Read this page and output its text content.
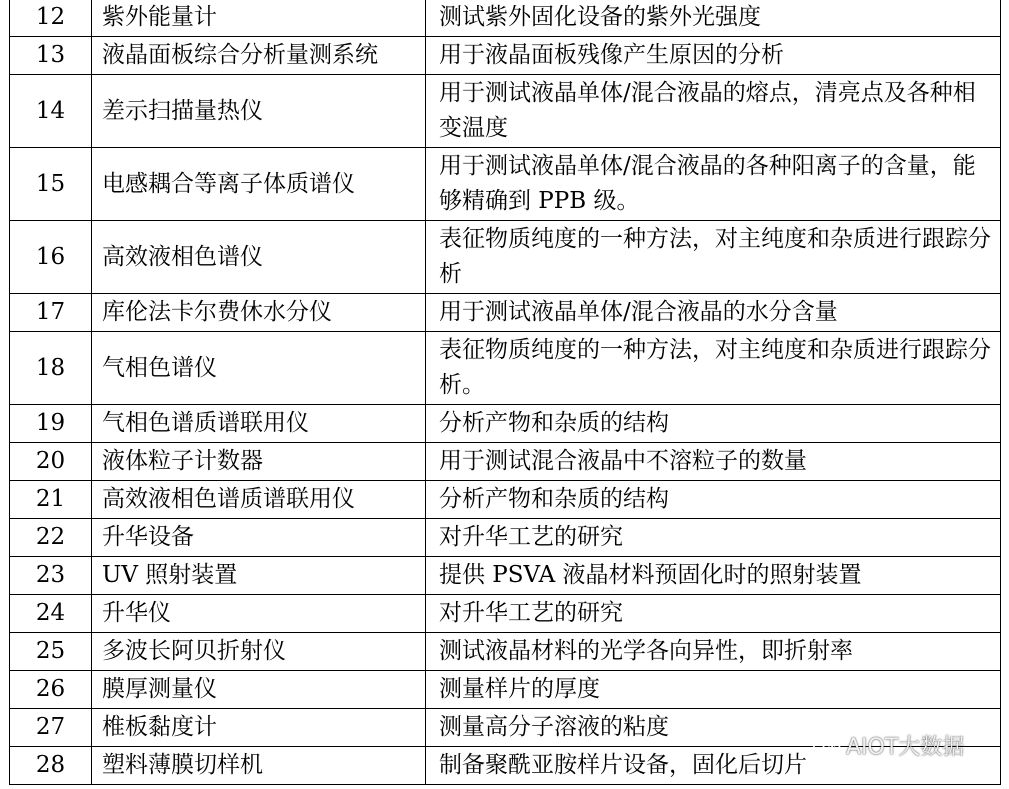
12	紫外能量计	测试紫外固化设备的紫外光强度
13	液晶面板综合分析量测系统	用于液晶面板残像产生原因的分析
14	差示扫描量热仪	用于测试液晶单体/混合液晶的熔点，清亮点及各种相变温度
15	电感耦合等离子体质谱仪	用于测试液晶单体/混合液晶的各种阳离子的含量，能够精确到 PPB 级。
16	高效液相色谱仪	表征物质纯度的一种方法，对主纯度和杂质进行跟踪分析
17	库伦法卡尔费休水分仪	用于测试液晶单体/混合液晶的水分含量
18	气相色谱仪	表征物质纯度的一种方法，对主纯度和杂质进行跟踪分析。
19	气相色谱质谱联用仪	分析产物和杂质的结构
20	液体粒子计数器	用于测试混合液晶中不溶粒子的数量
21	高效液相色谱质谱联用仪	分析产物和杂质的结构
22	升华设备	对升华工艺的研究
23	UV 照射装置	提供 PSVA 液晶材料预固化时的照射装置
24	升华仪	对升华工艺的研究
25	多波长阿贝折射仪	测试液晶材料的光学各向异性，即折射率
26	膜厚测量仪	测量样片的厚度
27	椎板黏度计	测量高分子溶液的粘度
28	塑料薄膜切样机	制备聚酰亚胺样片设备，固化后切片
AIOT大数据
